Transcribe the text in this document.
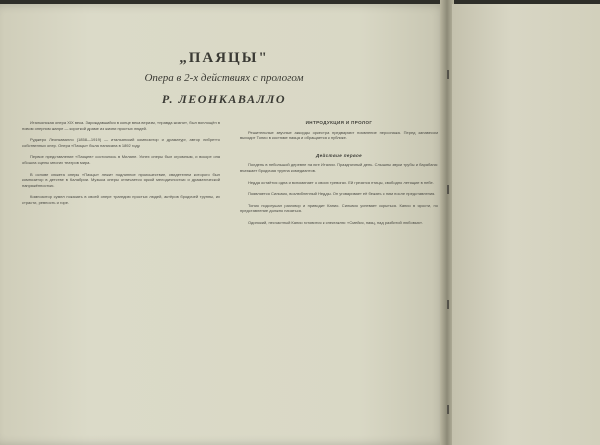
„ПАЯЦЫ"
Опера в 2-х действиях с прологом
Р. ЛЕОНКАВАЛЛО

Итальянская опера XIX века. Зарождавшийся в конце века веризм, «правда жизни», был воплощён в новом оперном жанре — короткой драме из жизни простых людей.

Руджеро Леонкавалло (1858—1919) — итальянский композитор и драматург, автор либретто собственных опер. Опера «Паяцы» была написана в 1892 году.

Первое представление «Паяцев» состоялось в Милане. Успех оперы был огромным, и вскоре она обошла сцены многих театров мира.

В основе сюжета оперы «Паяцы» лежит подлинное происшествие, свидетелем которого был композитор в детстве в Калабрии. Музыка оперы отличается яркой мелодичностью и драматической напряжённостью.

Композитор сумел показать в своей опере трагедию простых людей, актёров бродячей труппы, их страсти, ревность и горе.

ИНТРОДУКЦИЯ И ПРОЛОГ

Решительные звучные аккорды оркестра предваряют появление персонажа. Перед занавесом выходит Тонио в костюме паяца и обращается к публике.

Действие первое

Полдень в небольшой деревне на юге Италии. Праздничный день. Слышны звуки трубы и барабана: въезжает бродячая труппа комедиантов.

Недда остаётся одна и вспоминает о своих тревогах. Ей грезятся птицы, свободно летящие в небе.

Появляется Сильвио, возлюбленный Недды. Он уговаривает её бежать с ним после представления.

Тонио подслушал разговор и приводит Канио. Сильвио успевает скрыться. Канио в ярости, но представление должно начаться.

Одинокий, несчастный Канио готовится к спектаклю: «Смейся, паяц, над разбитой любовью».
